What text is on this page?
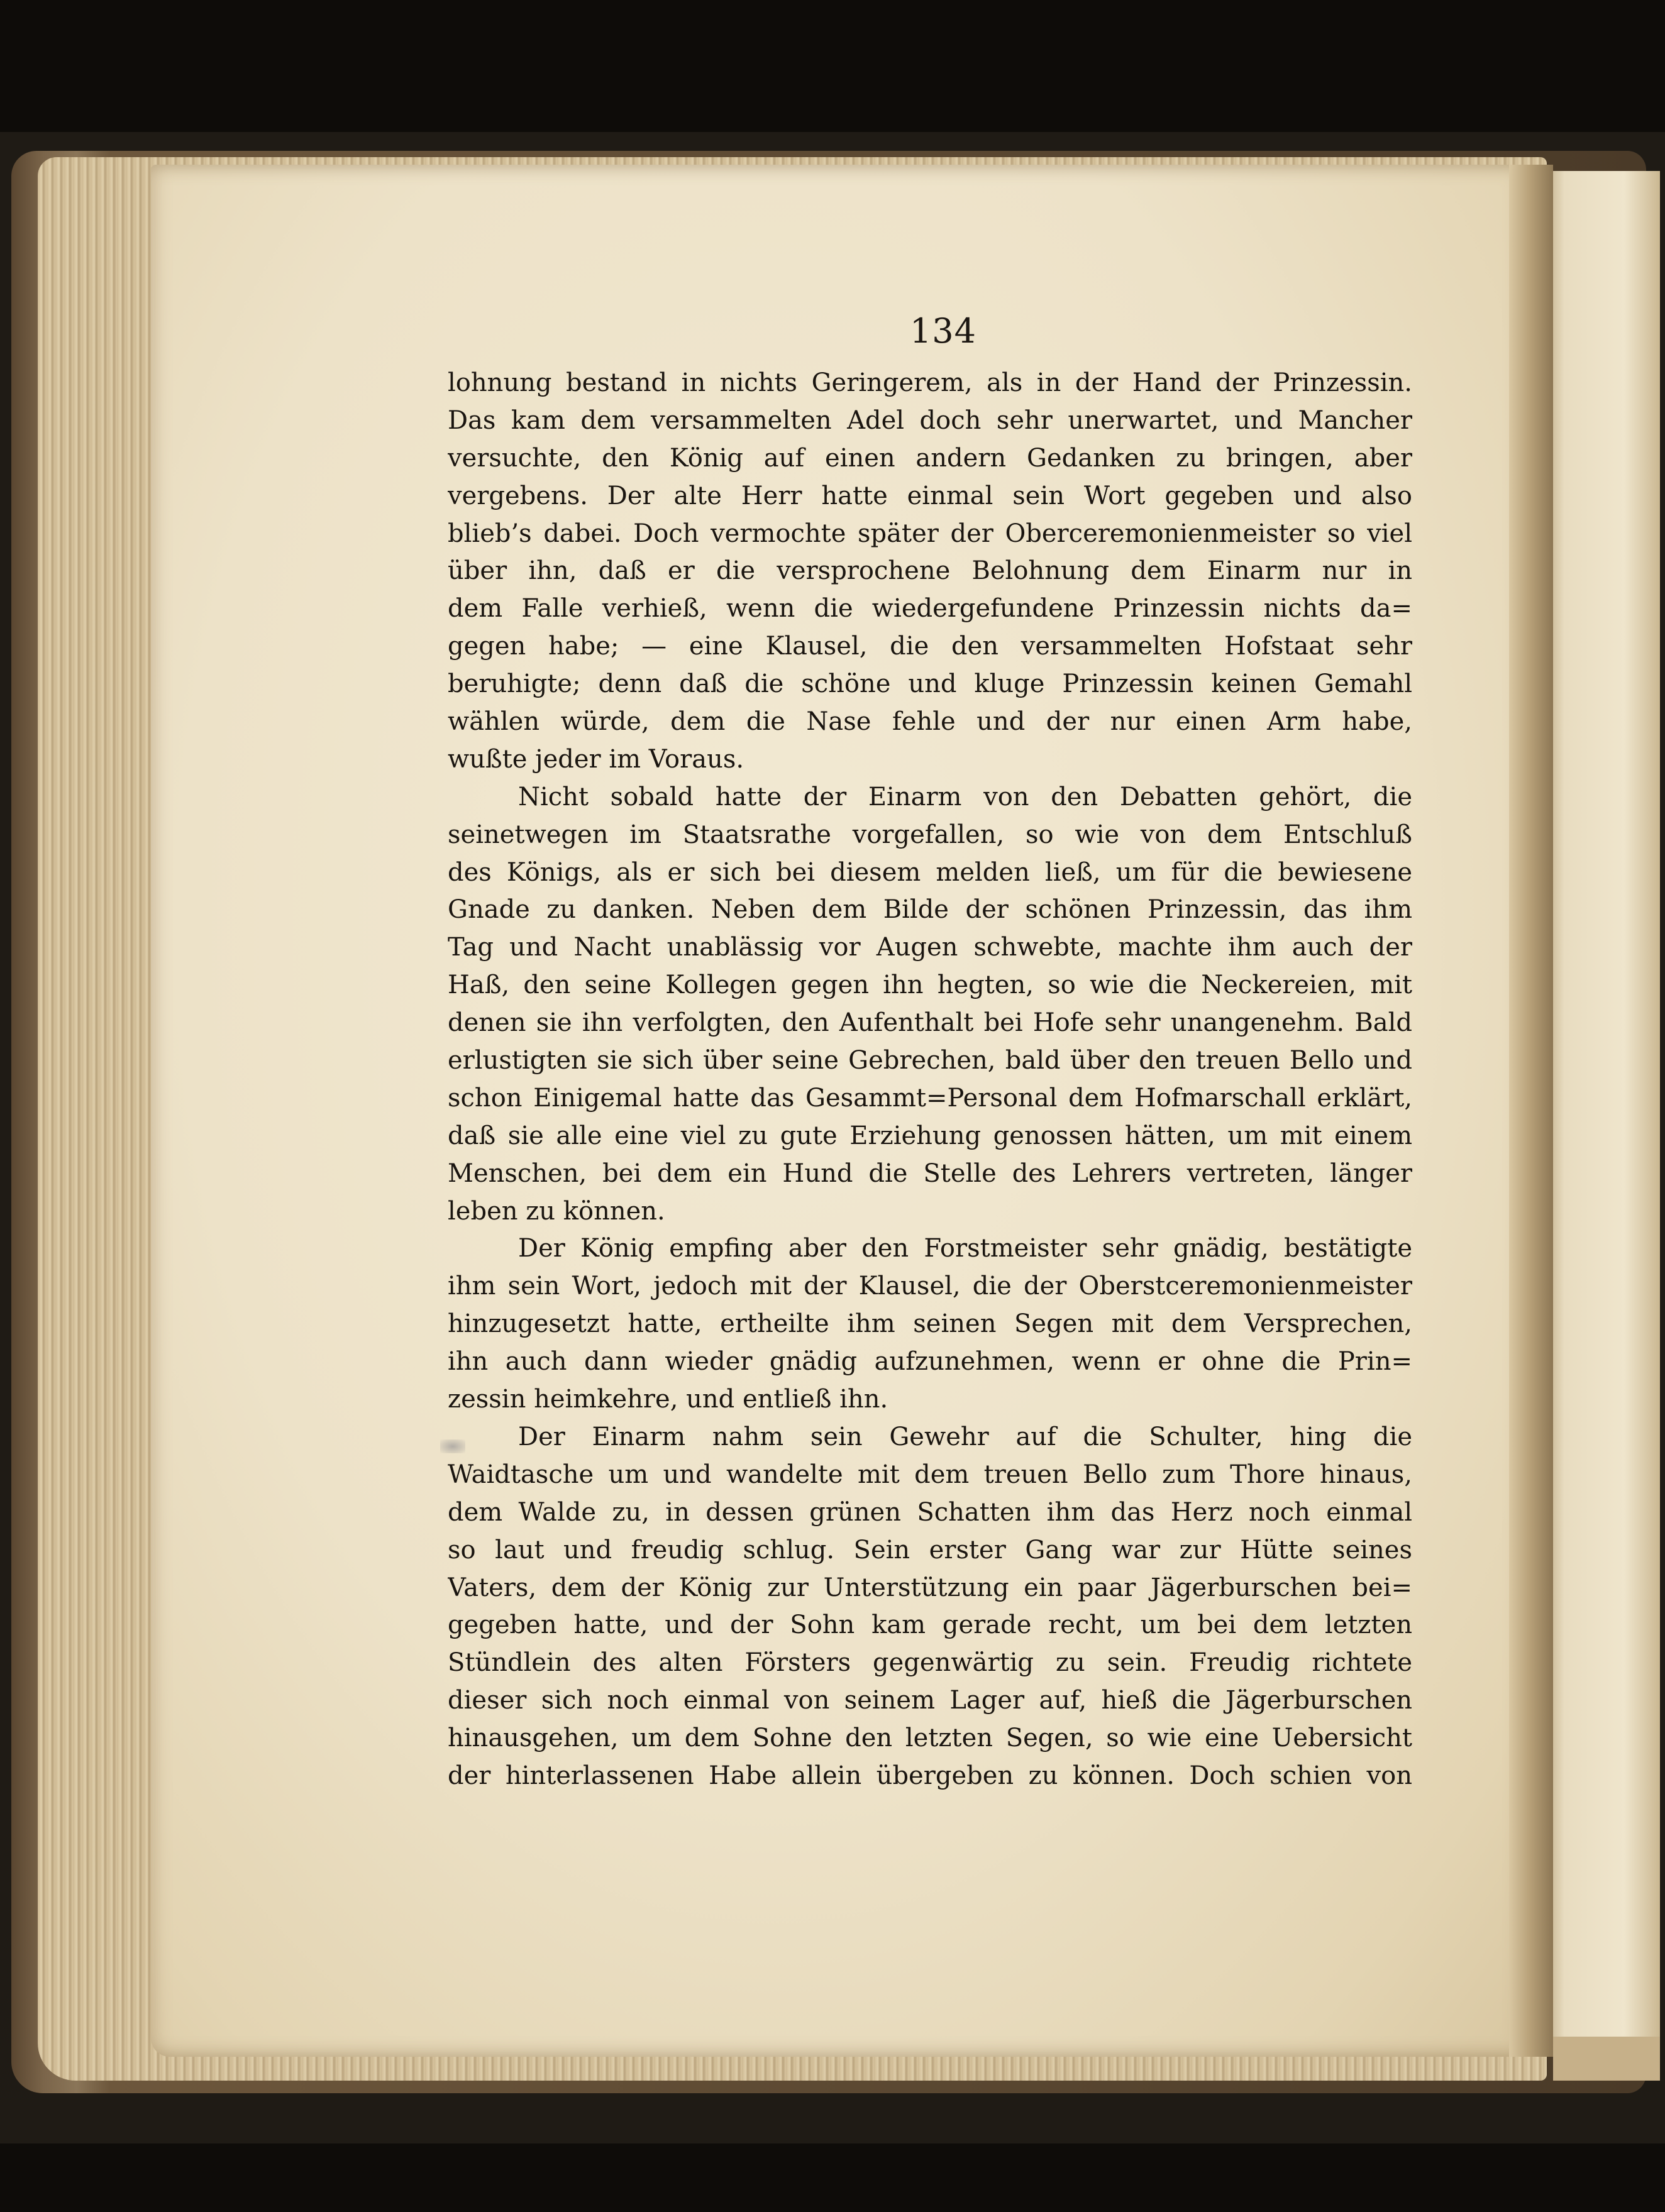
134
lohnung bestand in nichts Geringerem, als in der Hand der Prinzessin.
Das kam dem versammelten Adel doch sehr unerwartet, und Mancher
versuchte, den König auf einen andern Gedanken zu bringen, aber
vergebens. Der alte Herr hatte einmal sein Wort gegeben und also
blieb’s dabei. Doch vermochte später der Oberceremonienmeister so viel
über ihn, daß er die versprochene Belohnung dem Einarm nur in
dem Falle verhieß, wenn die wiedergefundene Prinzessin nichts da=
gegen habe; — eine Klausel, die den versammelten Hofstaat sehr
beruhigte; denn daß die schöne und kluge Prinzessin keinen Gemahl
wählen würde, dem die Nase fehle und der nur einen Arm habe,
wußte jeder im Voraus.
Nicht sobald hatte der Einarm von den Debatten gehört, die
seinetwegen im Staatsrathe vorgefallen, so wie von dem Entschluß
des Königs, als er sich bei diesem melden ließ, um für die bewiesene
Gnade zu danken. Neben dem Bilde der schönen Prinzessin, das ihm
Tag und Nacht unablässig vor Augen schwebte, machte ihm auch der
Haß, den seine Kollegen gegen ihn hegten, so wie die Neckereien, mit
denen sie ihn verfolgten, den Aufenthalt bei Hofe sehr unangenehm. Bald
erlustigten sie sich über seine Gebrechen, bald über den treuen Bello und
schon Einigemal hatte das Gesammt=Personal dem Hofmarschall erklärt,
daß sie alle eine viel zu gute Erziehung genossen hätten, um mit einem
Menschen, bei dem ein Hund die Stelle des Lehrers vertreten, länger
leben zu können.
Der König empfing aber den Forstmeister sehr gnädig, bestätigte
ihm sein Wort, jedoch mit der Klausel, die der Oberstceremonienmeister
hinzugesetzt hatte, ertheilte ihm seinen Segen mit dem Versprechen,
ihn auch dann wieder gnädig aufzunehmen, wenn er ohne die Prin=
zessin heimkehre, und entließ ihn.
Der Einarm nahm sein Gewehr auf die Schulter, hing die
Waidtasche um und wandelte mit dem treuen Bello zum Thore hinaus,
dem Walde zu, in dessen grünen Schatten ihm das Herz noch einmal
so laut und freudig schlug. Sein erster Gang war zur Hütte seines
Vaters, dem der König zur Unterstützung ein paar Jägerburschen bei=
gegeben hatte, und der Sohn kam gerade recht, um bei dem letzten
Stündlein des alten Försters gegenwärtig zu sein. Freudig richtete
dieser sich noch einmal von seinem Lager auf, hieß die Jägerburschen
hinausgehen, um dem Sohne den letzten Segen, so wie eine Uebersicht
der hinterlassenen Habe allein übergeben zu können. Doch schien von
